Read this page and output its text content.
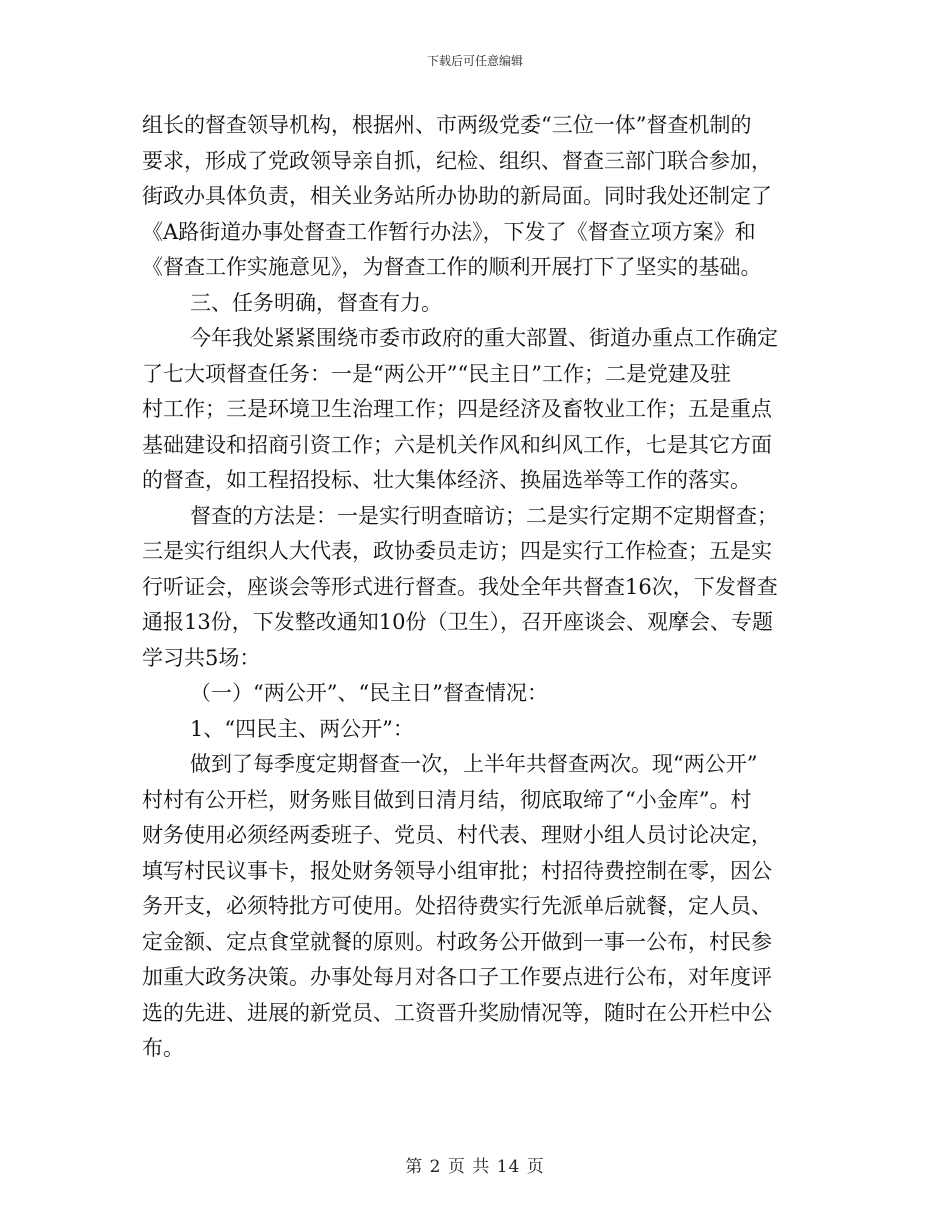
下载后可任意编辑
组长的督查领导机构，根据州、市两级党委“三位一体”督查机制的
要求，形成了党政领导亲自抓，纪检、组织、督查三部门联合参加，
街政办具体负责，相关业务站所办协助的新局面。同时我处还制定了
《A路街道办事处督查工作暂行办法》，下发了《督查立项方案》和
《督查工作实施意见》，为督查工作的顺利开展打下了坚实的基础。
三、任务明确，督查有力。
今年我处紧紧围绕市委市政府的重大部置、街道办重点工作确定
了七大项督查任务：一是“两公开”“民主日”工作；二是党建及驻
村工作；三是环境卫生治理工作；四是经济及畜牧业工作；五是重点
基础建设和招商引资工作；六是机关作风和纠风工作，七是其它方面
的督查，如工程招投标、壮大集体经济、换届选举等工作的落实。
督查的方法是：一是实行明查暗访；二是实行定期不定期督查；
三是实行组织人大代表，政协委员走访；四是实行工作检查；五是实
行听证会，座谈会等形式进行督查。我处全年共督查16次，下发督查
通报13份，下发整改通知10份（卫生），召开座谈会、观摩会、专题
学习共5场：
（一）“两公开”、“民主日”督查情况：
1、“四民主、两公开”：
做到了每季度定期督查一次，上半年共督查两次。现“两公开”
村村有公开栏，财务账目做到日清月结，彻底取缔了“小金库”。村
财务使用必须经两委班子、党员、村代表、理财小组人员讨论决定，
填写村民议事卡，报处财务领导小组审批；村招待费控制在零，因公
务开支，必须特批方可使用。处招待费实行先派单后就餐，定人员、
定金额、定点食堂就餐的原则。村政务公开做到一事一公布，村民参
加重大政务决策。办事处每月对各口子工作要点进行公布，对年度评
选的先进、进展的新党员、工资晋升奖励情况等，随时在公开栏中公
布。
第 2 页 共 14 页
